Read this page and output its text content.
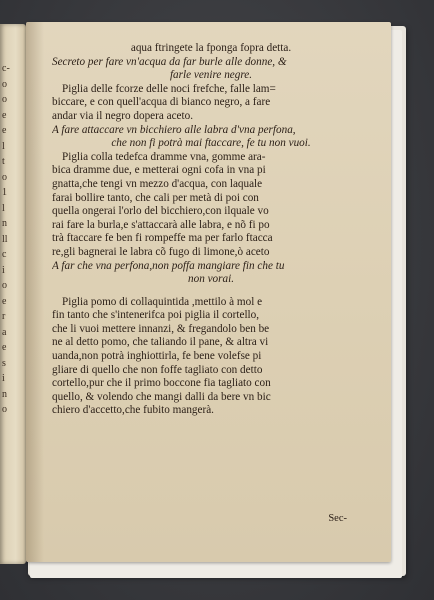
c-
o
o
e
e
l
t
o
1
l
n
ll
c
i
o
e
r
a
e
s
i
n
o
aqua ftringete la fponga fopra detta.
Secreto per fare vn'acqua da far burle alle donne, &
farle venire negre.
Piglia delle fcorze delle noci frefche, falle lam=
biccare, e con quell'acqua di bianco negro, a fare
andar via il negro dopera aceto.
A fare attaccare vn bicchiero alle labra d'vna perfona,
che non fi potrà mai ftaccare, fe tu non vuoi.
Piglia colla tedefca dramme vna, gomme ara-
bica dramme due, e metterai ogni cofa in vna pi
gnatta,che tengi vn mezzo d'acqua, con laquale
farai bollire tanto, che cali per metà di poi con
quella ongerai l'orlo del bicchiero,con ilquale vo
rai fare la burla,e s'attaccarà alle labra, e nõ fi po
trà ftaccare fe ben fi rompeffe ma per farlo ftacca
re,gli bagnerai le labra cõ fugo di limone,ò aceto
A far che vna perfona,non poffa mangiare fin che tu
non vorai.
Piglia pomo di collaquintida ,mettilo à mol e
fin tanto che s'intenerifca poi piglia il cortello,
che li vuoi mettere innanzi, & fregandolo ben be
ne al detto pomo, che taliando il pane, & altra vi
uanda,non potrà inghiottirla, fe bene volefse pi
gliare di quello che non foffe tagliato con detto
cortello,pur che il primo boccone fia tagliato con
quello, & volendo che mangi dalli da bere vn bic
chiero d'accetto,che fubito mangerà.
Sec-
